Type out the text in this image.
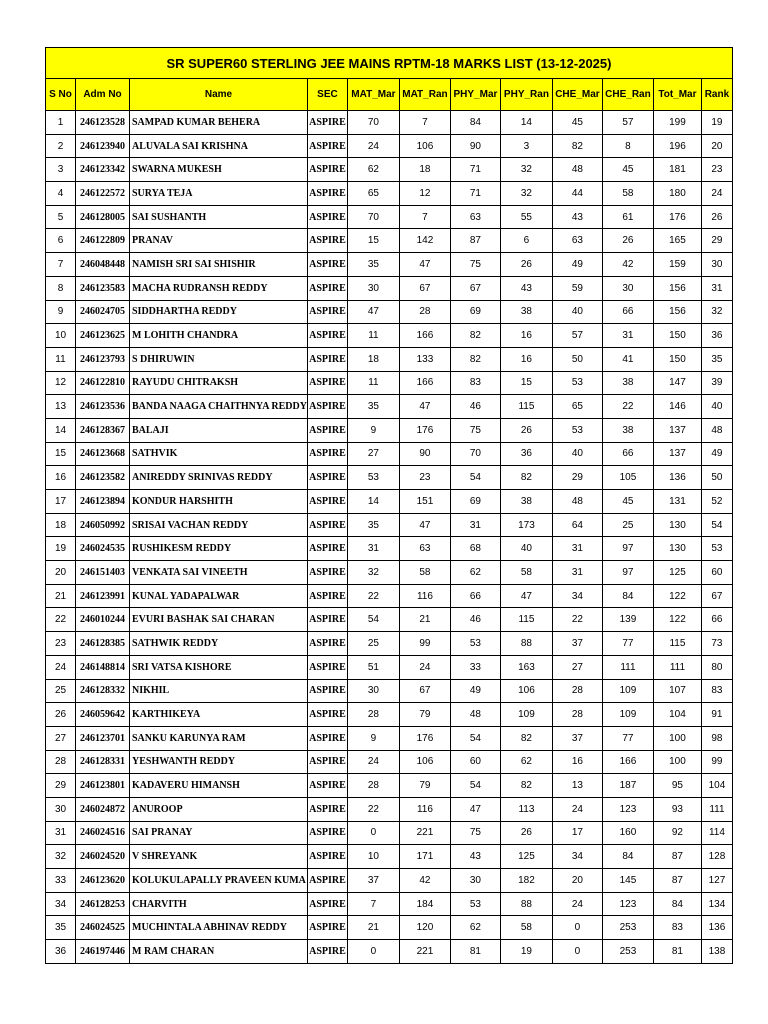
SR SUPER60 STERLING JEE MAINS RPTM-18 MARKS LIST (13-12-2025)											
S No	Adm No	Name	SEC	MAT_Mar	MAT_Ran	PHY_Mar	PHY_Ran	CHE_Mar	CHE_Ran	Tot_Mar	Rank
1	246123528	SAMPAD KUMAR BEHERA	ASPIRE	70	7	84	14	45	57	199	19
2	246123940	ALUVALA SAI KRISHNA	ASPIRE	24	106	90	3	82	8	196	20
3	246123342	SWARNA MUKESH	ASPIRE	62	18	71	32	48	45	181	23
4	246122572	SURYA TEJA	ASPIRE	65	12	71	32	44	58	180	24
5	246128005	SAI SUSHANTH	ASPIRE	70	7	63	55	43	61	176	26
6	246122809	PRANAV	ASPIRE	15	142	87	6	63	26	165	29
7	246048448	NAMISH SRI SAI SHISHIR	ASPIRE	35	47	75	26	49	42	159	30
8	246123583	MACHA RUDRANSH REDDY	ASPIRE	30	67	67	43	59	30	156	31
9	246024705	SIDDHARTHA REDDY	ASPIRE	47	28	69	38	40	66	156	32
10	246123625	M LOHITH CHANDRA	ASPIRE	11	166	82	16	57	31	150	36
11	246123793	S DHIRUWIN	ASPIRE	18	133	82	16	50	41	150	35
12	246122810	RAYUDU CHITRAKSH	ASPIRE	11	166	83	15	53	38	147	39
13	246123536	BANDA NAAGA CHAITHNYA REDDY	ASPIRE	35	47	46	115	65	22	146	40
14	246128367	BALAJI	ASPIRE	9	176	75	26	53	38	137	48
15	246123668	SATHVIK	ASPIRE	27	90	70	36	40	66	137	49
16	246123582	ANIREDDY SRINIVAS REDDY	ASPIRE	53	23	54	82	29	105	136	50
17	246123894	KONDUR HARSHITH	ASPIRE	14	151	69	38	48	45	131	52
18	246050992	SRISAI VACHAN REDDY	ASPIRE	35	47	31	173	64	25	130	54
19	246024535	RUSHIKESM REDDY	ASPIRE	31	63	68	40	31	97	130	53
20	246151403	VENKATA SAI VINEETH	ASPIRE	32	58	62	58	31	97	125	60
21	246123991	KUNAL YADAPALWAR	ASPIRE	22	116	66	47	34	84	122	67
22	246010244	EVURI BASHAK SAI CHARAN	ASPIRE	54	21	46	115	22	139	122	66
23	246128385	SATHWIK REDDY	ASPIRE	25	99	53	88	37	77	115	73
24	246148814	SRI VATSA KISHORE	ASPIRE	51	24	33	163	27	111	111	80
25	246128332	NIKHIL	ASPIRE	30	67	49	106	28	109	107	83
26	246059642	KARTHIKEYA	ASPIRE	28	79	48	109	28	109	104	91
27	246123701	SANKU KARUNYA RAM	ASPIRE	9	176	54	82	37	77	100	98
28	246128331	YESHWANTH REDDY	ASPIRE	24	106	60	62	16	166	100	99
29	246123801	KADAVERU HIMANSH	ASPIRE	28	79	54	82	13	187	95	104
30	246024872	ANUROOP	ASPIRE	22	116	47	113	24	123	93	111
31	246024516	SAI PRANAY	ASPIRE	0	221	75	26	17	160	92	114
32	246024520	V SHREYANK	ASPIRE	10	171	43	125	34	84	87	128
33	246123620	KOLUKULAPALLY PRAVEEN KUMA	ASPIRE	37	42	30	182	20	145	87	127
34	246128253	CHARVITH	ASPIRE	7	184	53	88	24	123	84	134
35	246024525	MUCHINTALA ABHINAV REDDY	ASPIRE	21	120	62	58	0	253	83	136
36	246197446	M RAM CHARAN	ASPIRE	0	221	81	19	0	253	81	138
